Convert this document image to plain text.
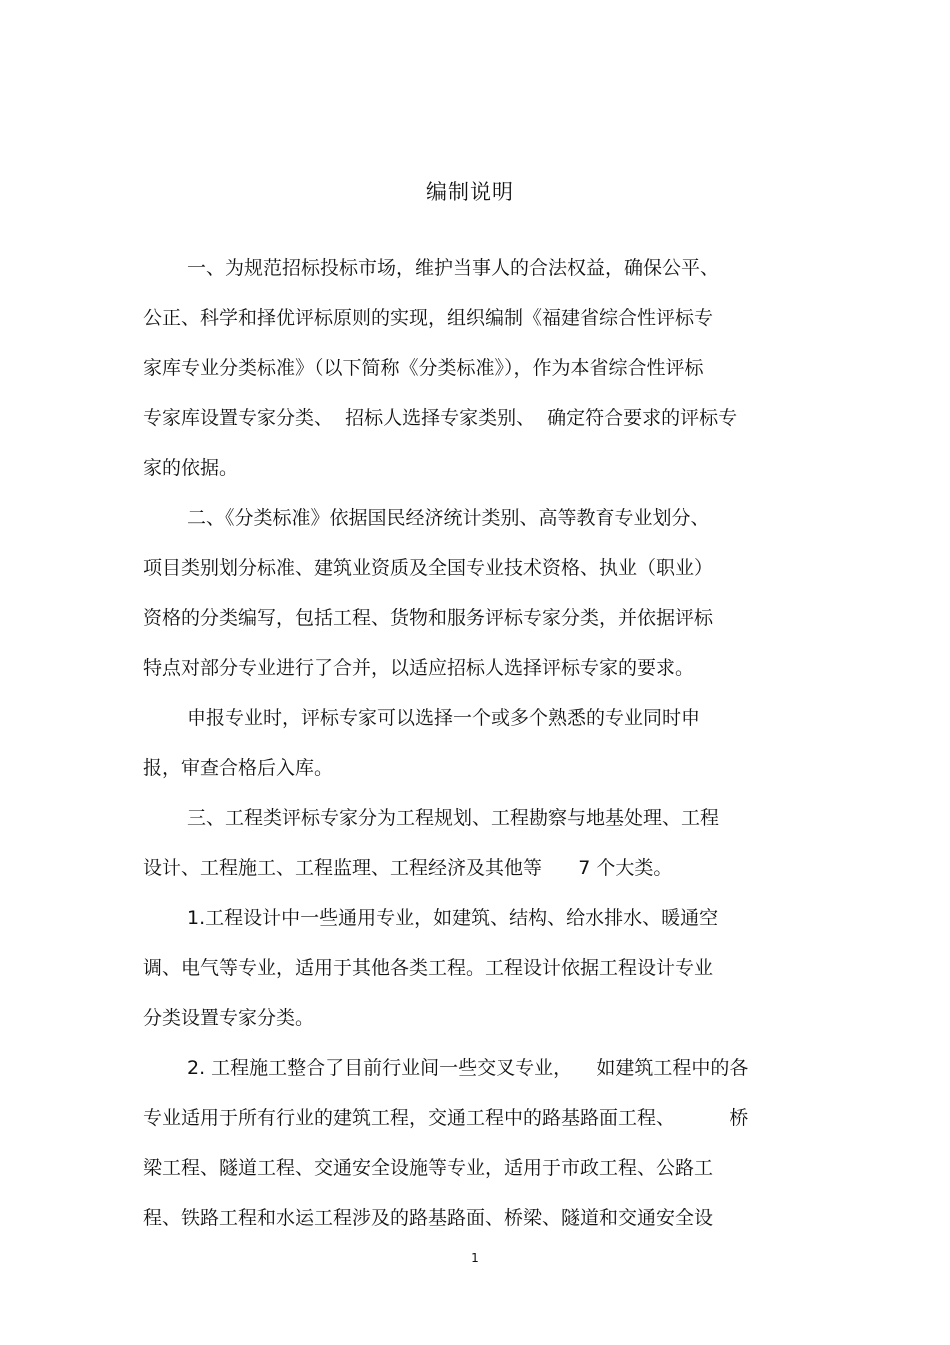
编制说明
一、为规范招标投标市场，维护当事人的合法权益，确保公平、
公正、科学和择优评标原则的实现，组织编制《福建省综合性评标专
家库专业分类标准》（以下简称《分类标准》），作为本省综合性评标
专家库设置专家分类、  招标人选择专家类别、  确定符合要求的评标专
家的依据。
二、《分类标准》依据国民经济统计类别、高等教育专业划分、
项目类别划分标准、建筑业资质及全国专业技术资格、执业（职业）
资格的分类编写，包括工程、货物和服务评标专家分类，并依据评标
特点对部分专业进行了合并，以适应招标人选择评标专家的要求。
申报专业时，评标专家可以选择一个或多个熟悉的专业同时申
报，审查合格后入库。
三、工程类评标专家分为工程规划、工程勘察与地基处理、工程
设计、工程施工、工程监理、工程经济及其他等      7 个大类。
1.工程设计中一些通用专业，如建筑、结构、给水排水、暖通空
调、电气等专业，适用于其他各类工程。工程设计依据工程设计专业
分类设置专家分类。
2. 工程施工整合了目前行业间一些交叉专业，    如建筑工程中的各
专业适用于所有行业的建筑工程，交通工程中的路基路面工程、         桥
梁工程、隧道工程、交通安全设施等专业，适用于市政工程、公路工
程、铁路工程和水运工程涉及的路基路面、桥梁、隧道和交通安全设
1
